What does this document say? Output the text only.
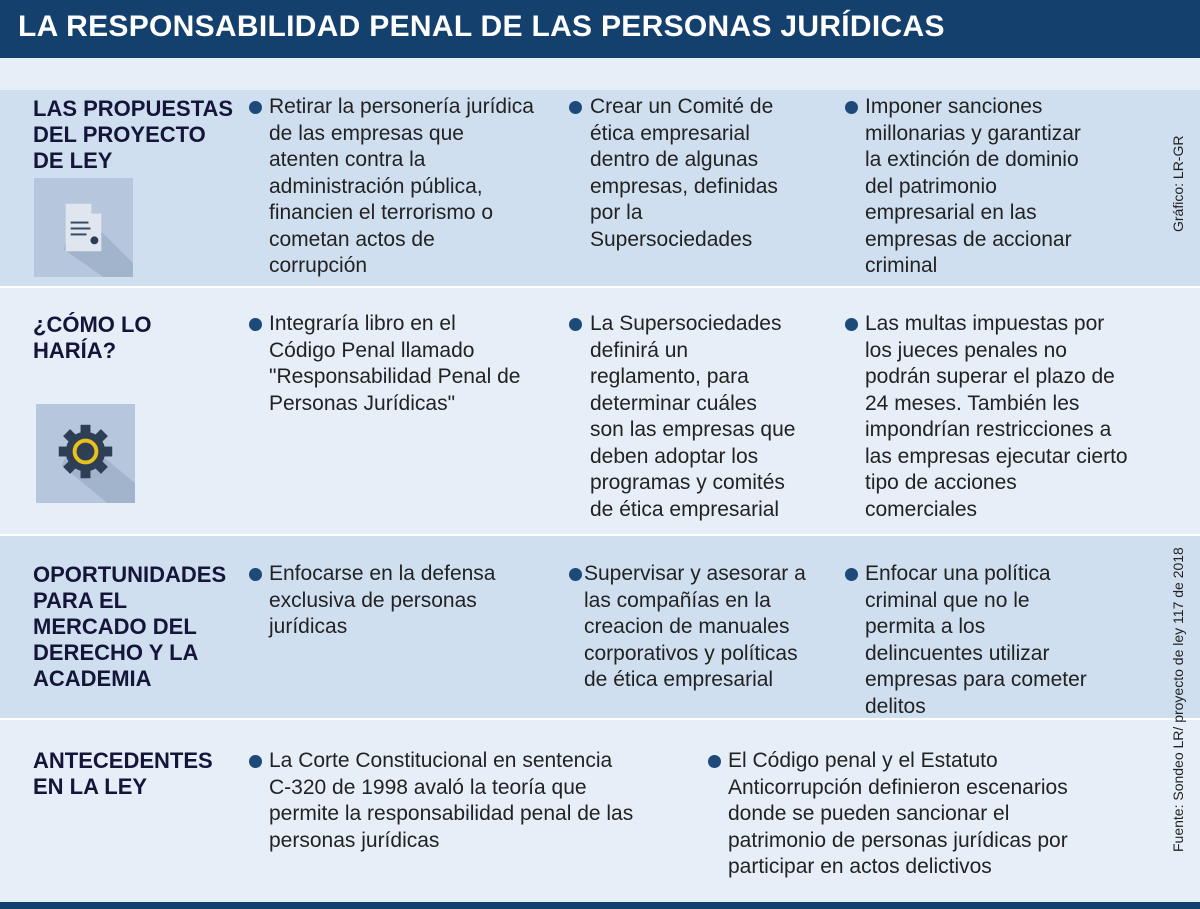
LA RESPONSABILIDAD PENAL DE LAS PERSONAS JURÍDICAS
LAS PROPUESTAS
DEL PROYECTO
DE LEY
Retirar la personería jurídica
de las empresas que
atenten contra la
administración pública,
financien el terrorismo o
cometan actos de
corrupción
Crear un Comité de
ética empresarial
dentro de algunas
empresas, definidas
por la
Supersociedades
Imponer sanciones
millonarias y garantizar
la extinción de dominio
del patrimonio
empresarial en las
empresas de accionar
criminal
¿CÓMO LO
HARÍA?
Integraría libro en el
Código Penal llamado
"Responsabilidad Penal de
Personas Jurídicas"
La Supersociedades
definirá un
reglamento, para
determinar cuáles
son las empresas que
deben adoptar los
programas y comités
de ética empresarial
Las multas impuestas por
los jueces penales no
podrán superar el plazo de
24 meses. También les
impondrían restricciones a
las empresas ejecutar cierto
tipo de acciones
comerciales
OPORTUNIDADES
PARA EL
MERCADO DEL
DERECHO Y LA
ACADEMIA
Enfocarse en la defensa
exclusiva de personas
jurídicas
Supervisar y asesorar a
las compañías en la
creacion de manuales
corporativos y políticas
de ética empresarial
Enfocar una política
criminal que no le
permita a los
delincuentes utilizar
empresas para cometer
delitos
ANTECEDENTES
EN LA LEY
La Corte Constitucional en sentencia
C-320 de 1998 avaló la teoría que
permite la responsabilidad penal de las
personas jurídicas
El Código penal y el Estatuto
Anticorrupción definieron escenarios
donde se pueden sancionar el
patrimonio de personas jurídicas por
participar en actos delictivos
Gráfico: LR-GR
Fuente: Sondeo LR/ proyecto de ley 117 de 2018
